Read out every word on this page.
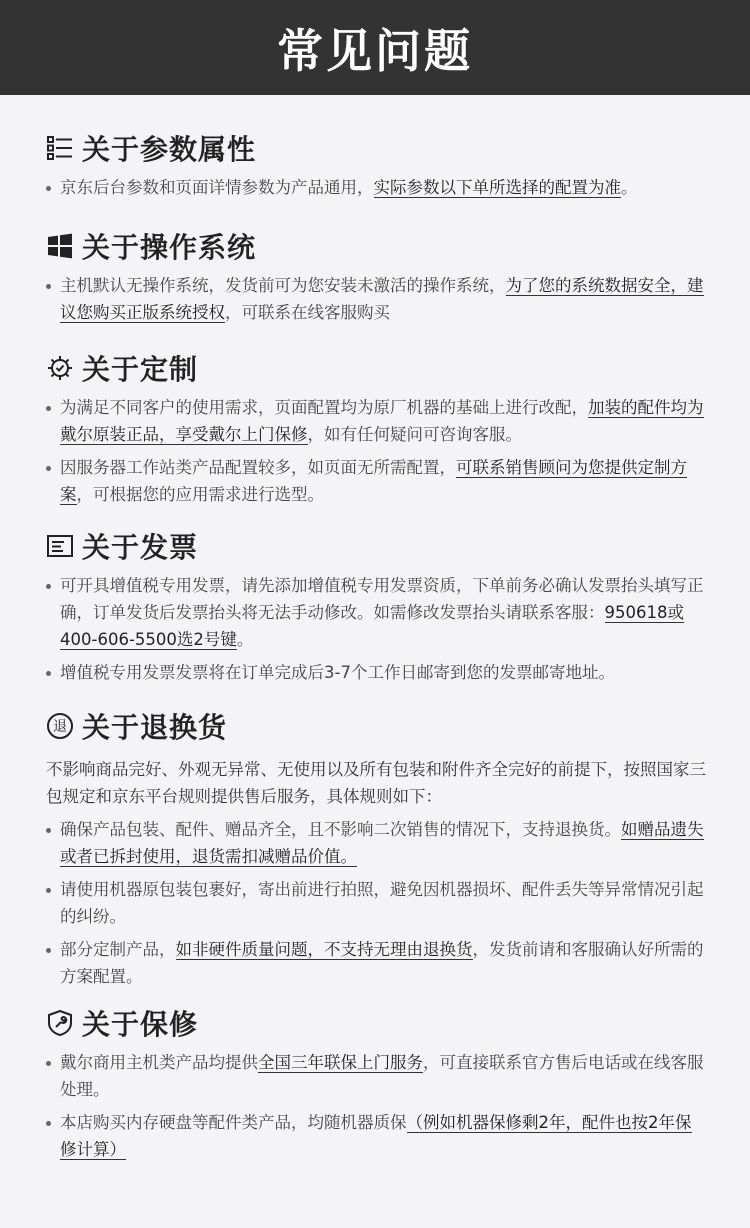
常见问题
关于参数属性
京东后台参数和页面详情参数为产品通用，实际参数以下单所选择的配置为准。
关于操作系统
主机默认无操作系统，发货前可为您安装未激活的操作系统，为了您的系统数据安全，建议您购买正版系统授权，可联系在线客服购买
关于定制
为满足不同客户的使用需求，页面配置均为原厂机器的基础上进行改配，加装的配件均为戴尔原装正品，享受戴尔上门保修，如有任何疑问可咨询客服。
因服务器工作站类产品配置较多，如页面无所需配置，可联系销售顾问为您提供定制方案，可根据您的应用需求进行选型。
关于发票
可开具增值税专用发票，请先添加增值税专用发票资质，下单前务必确认发票抬头填写正确，订单发货后发票抬头将无法手动修改。如需修改发票抬头请联系客服：950618或400-606-5500选2号键。
增值税专用发票发票将在订单完成后3-7个工作日邮寄到您的发票邮寄地址。
退 关于退换货
不影响商品完好、外观无异常、无使用以及所有包装和附件齐全完好的前提下，按照国家三包规定和京东平台规则提供售后服务，具体规则如下：
确保产品包装、配件、赠品齐全，且不影响二次销售的情况下，支持退换货。如赠品遗失或者已拆封使用，退货需扣减赠品价值。
请使用机器原包装包裹好，寄出前进行拍照，避免因机器损坏、配件丢失等异常情况引起的纠纷。
部分定制产品，如非硬件质量问题，不支持无理由退换货，发货前请和客服确认好所需的方案配置。
关于保修
戴尔商用主机类产品均提供全国三年联保上门服务，可直接联系官方售后电话或在线客服处理。
本店购买内存硬盘等配件类产品，均随机器质保（例如机器保修剩2年，配件也按2年保修计算）
